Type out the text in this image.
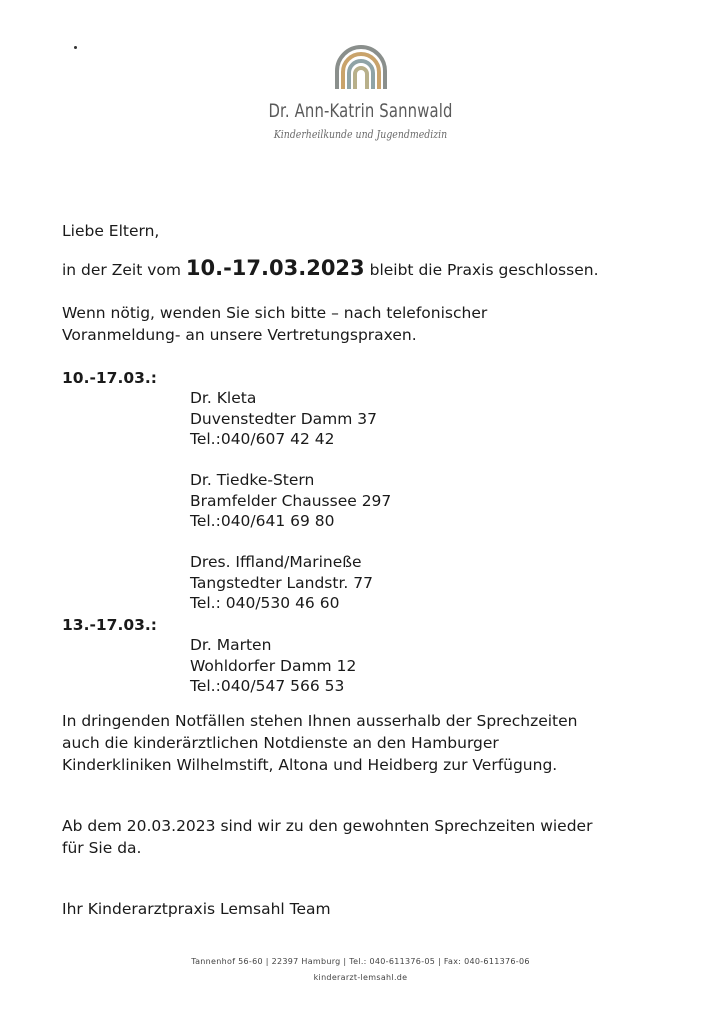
Dr. Ann-Katrin Sannwald
Kinderheilkunde und Jugendmedizin
Liebe Eltern,
in der Zeit vom 10.-17.03.2023 bleibt die Praxis geschlossen.
Wenn nötig, wenden Sie sich bitte – nach telefonischer
Voranmeldung- an unsere Vertretungspraxen.
10.-17.03.:
Dr. Kleta
Duvenstedter Damm 37
Tel.:040/607 42 42
Dr. Tiedke-Stern
Bramfelder Chaussee 297
Tel.:040/641 69 80
Dres. Iffland/Marineße
Tangstedter Landstr. 77
Tel.: 040/530 46 60
13.-17.03.:
Dr. Marten
Wohldorfer Damm 12
Tel.:040/547 566 53
In dringenden Notfällen stehen Ihnen ausserhalb der Sprechzeiten
auch die kinderärztlichen Notdienste an den Hamburger
Kinderkliniken Wilhelmstift, Altona und Heidberg zur Verfügung.
Ab dem 20.03.2023 sind wir zu den gewohnten Sprechzeiten wieder
für Sie da.
Ihr Kinderarztpraxis Lemsahl Team
Tannenhof 56-60 | 22397 Hamburg | Tel.: 040-611376-05 | Fax: 040-611376-06
kinderarzt-lemsahl.de
